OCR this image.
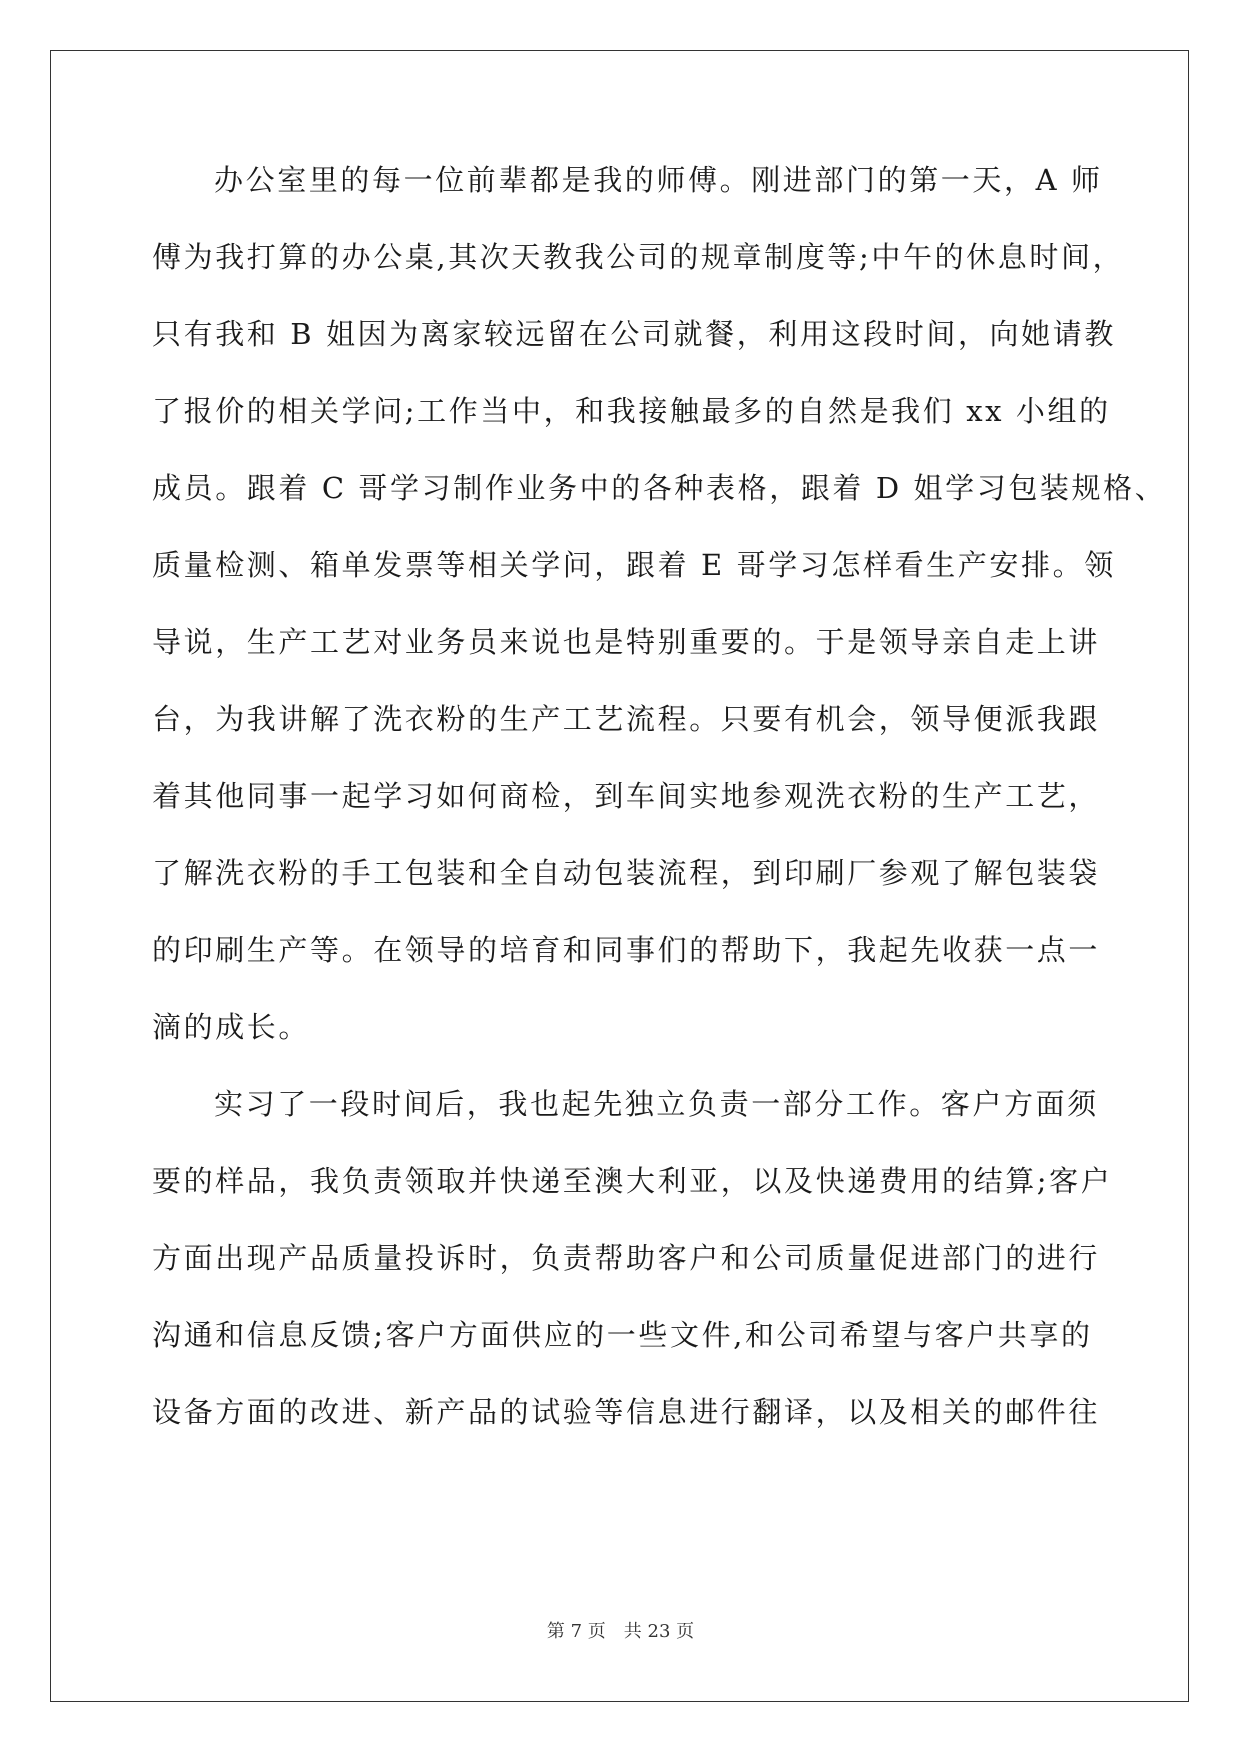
办公室里的每一位前辈都是我的师傅。刚进部门的第一天，A 师
傅为我打算的办公桌,其次天教我公司的规章制度等;中午的休息时间，
只有我和 B 姐因为离家较远留在公司就餐，利用这段时间，向她请教
了报价的相关学问;工作当中，和我接触最多的自然是我们 xx 小组的
成员。跟着 C 哥学习制作业务中的各种表格，跟着 D 姐学习包装规格、
质量检测、箱单发票等相关学问，跟着 E 哥学习怎样看生产安排。领
导说，生产工艺对业务员来说也是特别重要的。于是领导亲自走上讲
台，为我讲解了洗衣粉的生产工艺流程。只要有机会，领导便派我跟
着其他同事一起学习如何商检，到车间实地参观洗衣粉的生产工艺，
了解洗衣粉的手工包装和全自动包装流程，到印刷厂参观了解包装袋
的印刷生产等。在领导的培育和同事们的帮助下，我起先收获一点一
滴的成长。
实习了一段时间后，我也起先独立负责一部分工作。客户方面须
要的样品，我负责领取并快递至澳大利亚，以及快递费用的结算;客户
方面出现产品质量投诉时，负责帮助客户和公司质量促进部门的进行
沟通和信息反馈;客户方面供应的一些文件,和公司希望与客户共享的
设备方面的改进、新产品的试验等信息进行翻译，以及相关的邮件往
第 7 页 共 23 页
